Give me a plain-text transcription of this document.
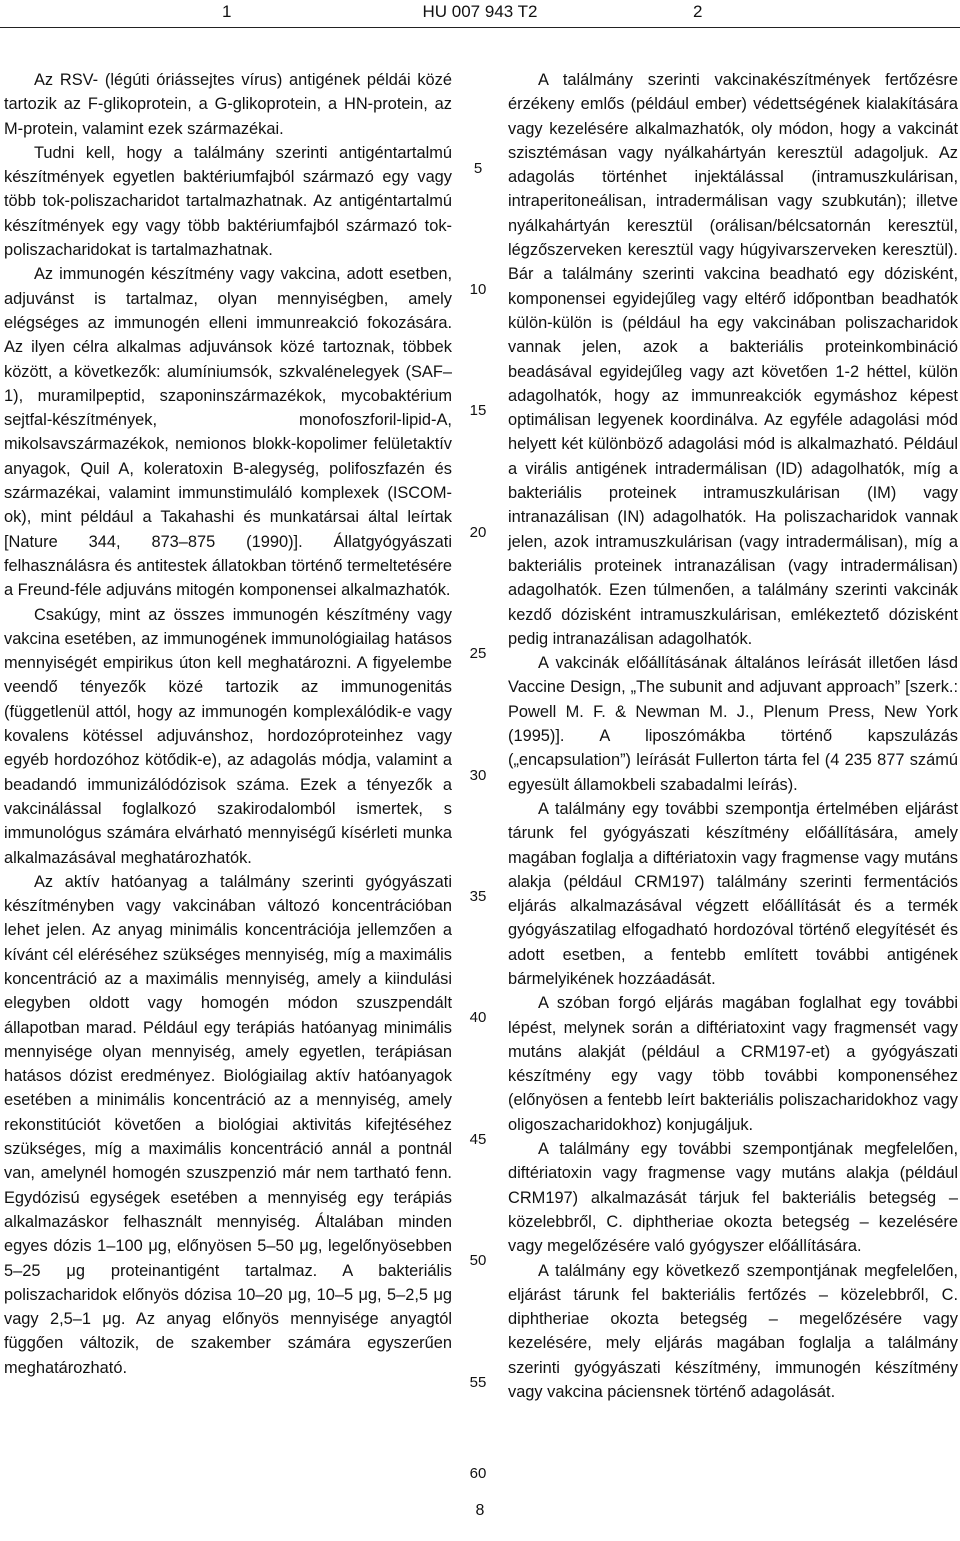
1	HU 007 943 T2	2

Az RSV- (légúti óriássejtes vírus) antigének példái közé tartozik az F-glikoprotein, a G-glikoprotein, a HN-protein, az M-protein, valamint ezek származékai.

Tudni kell, hogy a találmány szerinti antigéntartalmú készítmények egyetlen baktériumfajból származó egy vagy több tok-poliszacharidot tartalmazhatnak. Az antigéntartalmú készítmények egy vagy több baktériumfajból származó tok-poliszacharidokat is tartalmazhatnak.

Az immunogén készítmény vagy vakcina, adott esetben, adjuvánst is tartalmaz, olyan mennyiségben, amely elégséges az immunogén elleni immunreakció fokozására. Az ilyen célra alkalmas adjuvánsok közé tartoznak, többek között, a következők: alumíniumsók, szkvalénelegyek (SAF–1), muramilpeptid, szaponinszármazékok, mycobaktérium sejtfal-készítmények, monofoszforil-lipid-A, mikolsavszármazékok, nemionos blokk-kopolimer felületaktív anyagok, Quil A, koleratoxin B-alegység, polifoszfazén és származékai, valamint immunstimuláló komplexek (ISCOM-ok), mint például a Takahashi és munkatársai által leírtak [Nature 344, 873–875 (1990)]. Állatgyógyászati felhasználásra és antitestek állatokban történő termeltetésére a Freund-féle adjuváns mitogén komponensei alkalmazhatók.

Csakúgy, mint az összes immunogén készítmény vagy vakcina esetében, az immunogének immunológiailag hatásos mennyiségét empirikus úton kell meghatározni. A figyelembe veendő tényezők közé tartozik az immunogenitás (függetlenül attól, hogy az immunogén komplexálódik-e vagy kovalens kötéssel adjuvánshoz, hordozóproteinhez vagy egyéb hordozóhoz kötődik-e), az adagolás módja, valamint a beadandó immunizálódózisok száma. Ezek a tényezők a vakcinálással foglalkozó szakirodalomból ismertek, s immunológus számára elvárható mennyiségű kísérleti munka alkalmazásával meghatározhatók.

Az aktív hatóanyag a találmány szerinti gyógyászati készítményben vagy vakcinában változó koncentrációban lehet jelen. Az anyag minimális koncentrációja jellemzően a kívánt cél eléréséhez szükséges mennyiség, míg a maximális koncentráció az a maximális mennyiség, amely a kiindulási elegyben oldott vagy homogén módon szuszpendált állapotban marad. Például egy terápiás hatóanyag minimális mennyisége olyan mennyiség, amely egyetlen, terápiásan hatásos dózist eredményez. Biológiailag aktív hatóanyagok esetében a minimális koncentráció az a mennyiség, amely rekonstitúciót követően a biológiai aktivitás kifejtéséhez szükséges, míg a maximális koncentráció annál a pontnál van, amelynél homogén szuszpenzió már nem tartható fenn. Egydózisú egységek esetében a mennyiség egy terápiás alkalmazáskor felhasznált mennyiség. Általában minden egyes dózis 1–100 μg, előnyösen 5–50 μg, legelőnyösebben 5–25 μg proteinantigént tartalmaz. A bakteriális poliszacharidok előnyös dózisa 10–20 μg, 10–5 μg, 5–2,5 μg vagy 2,5–1 μg. Az anyag előnyös mennyisége anyagtól függően változik, de szakember számára egyszerűen meghatározható.

5
10
15
20
25
30
35
40
45
50
55
60

A találmány szerinti vakcinakészítmények fertőzésre érzékeny emlős (például ember) védettségének kialakítására vagy kezelésére alkalmazhatók, oly módon, hogy a vakcinát szisztémásan vagy nyálkahártyán keresztül adagoljuk. Az adagolás történhet injektálással (intramuszkulárisan, intraperitoneálisan, intradermálisan vagy szubkután); illetve nyálkahártyán keresztül (orálisan/bélcsatornán keresztül, légzőszerveken keresztül vagy húgyivarszerveken keresztül). Bár a találmány szerinti vakcina beadható egy dózisként, komponensei egyidejűleg vagy eltérő időpontban beadhatók külön-külön is (például ha egy vakcinában poliszacharidok vannak jelen, azok a bakteriális proteinkombináció beadásával egyidejűleg vagy azt követően 1-2 héttel, külön adagolhatók, hogy az immunreakciók egymáshoz képest optimálisan legyenek koordinálva. Az egyféle adagolási mód helyett két különböző adagolási mód is alkalmazható. Például a virális antigének intradermálisan (ID) adagolhatók, míg a bakteriális proteinek intramuszkulárisan (IM) vagy intranazálisan (IN) adagolhatók. Ha poliszacharidok vannak jelen, azok intramuszkulárisan (vagy intradermálisan), míg a bakteriális proteinek intranazálisan (vagy intradermálisan) adagolhatók. Ezen túlmenően, a találmány szerinti vakcinák kezdő dózisként intramuszkulárisan, emlékeztető dózisként pedig intranazálisan adagolhatók.

A vakcinák előállításának általános leírását illetően lásd Vaccine Design, „The subunit and adjuvant approach” [szerk.: Powell M. F. & Newman M. J., Plenum Press, New York (1995)]. A liposzómákba történő kapszulázás („encapsulation”) leírását Fullerton tárta fel (4 235 877 számú egyesült államokbeli szabadalmi leírás).

A találmány egy további szempontja értelmében eljárást tárunk fel gyógyászati készítmény előállítására, amely magában foglalja a diftériatoxin vagy fragmense vagy mutáns alakja (például CRM197) találmány szerinti fermentációs eljárás alkalmazásával végzett előállítását és a termék gyógyászatilag elfogadható hordozóval történő elegyítését és adott esetben, a fentebb említett további antigének bármelyikének hozzáadását.

A szóban forgó eljárás magában foglalhat egy további lépést, melynek során a diftériatoxint vagy fragmensét vagy mutáns alakját (például a CRM197-et) a gyógyászati készítmény egy vagy több további komponenséhez (előnyösen a fentebb leírt bakteriális poliszacharidokhoz vagy oligoszacharidokhoz) konjugáljuk.

A találmány egy további szempontjának megfelelően, diftériatoxin vagy fragmense vagy mutáns alakja (például CRM197) alkalmazását tárjuk fel bakteriális betegség – közelebbről, C. diphtheriae okozta betegség – kezelésére vagy megelőzésére való gyógyszer előállítására.

A találmány egy következő szempontjának megfelelően, eljárást tárunk fel bakteriális fertőzés – közelebbről, C. diphtheriae okozta betegség – megelőzésére vagy kezelésére, mely eljárás magában foglalja a találmány szerinti gyógyászati készítmény, immunogén készítmény vagy vakcina páciensnek történő adagolását.

8
